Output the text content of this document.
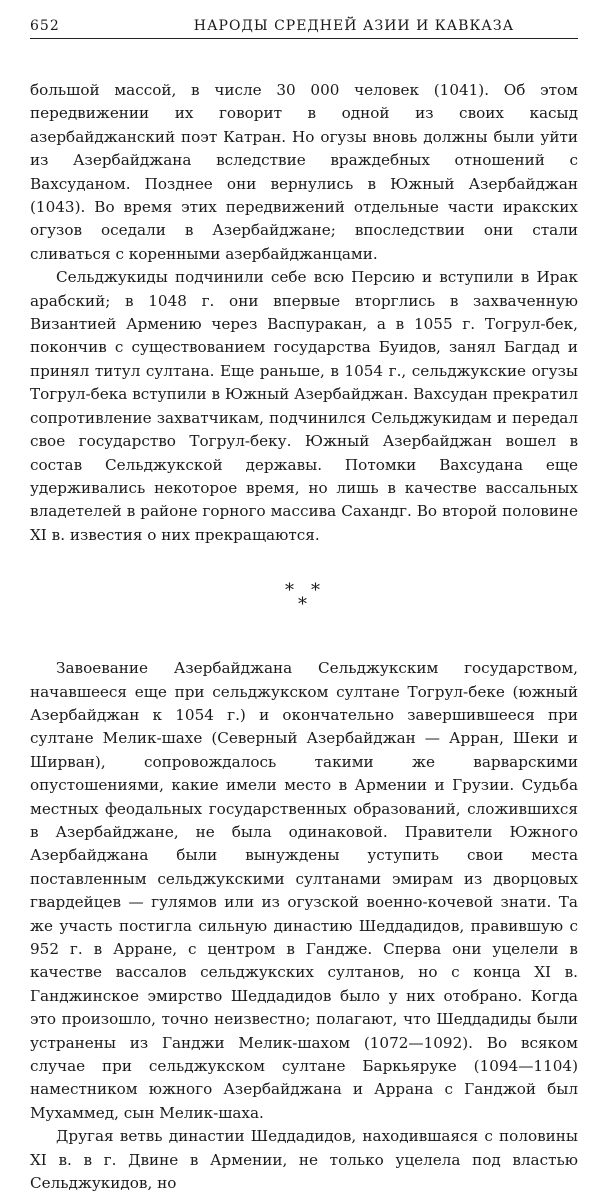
652	НАРОДЫ СРЕДНЕЙ АЗИИ И КАВКАЗА

большой массой, в числе 30 000 человек (1041). Об этом передвижении их говорит в одной из своих касыд азербайджанский поэт Катран. Но огузы вновь должны были уйти из Азербайджана вследствие враждебных отношений с Вахсуданом. Позднее они вернулись в Южный Азербайджан (1043). Во время этих передвижений отдельные части иракских огузов оседали в Азербайджане; впоследствии они стали сливаться с коренными азербайджанцами.

Сельджукиды подчинили себе всю Персию и вступили в Ирак арабский; в 1048 г. они впервые вторглись в захваченную Византией Армению через Васпуракан, а в 1055 г. Тогрул-бек, покончив с существованием государства Буидов, занял Багдад и принял титул султана. Еще раньше, в 1054 г., сельджукские огузы Тогрул-бека вступили в Южный Азербайджан. Вахсудан прекратил сопротивление захватчикам, подчинился Сельджукидам и передал свое государство Тогрул-беку. Южный Азербайджан вошел в состав Сельджукской державы. Потомки Вахсудана еще удерживались некоторое время, но лишь в качестве вассальных владетелей в районе горного массива Сахандг. Во второй половине XI в. известия о них прекращаются.

*
*
*

Завоевание Азербайджана Сельджукским государством, начавшееся еще при сельджукском султане Тогрул-беке (южный Азербайджан к 1054 г.) и окончательно завершившееся при султане Мелик-шахе (Северный Азербайджан — Арран, Шеки и Ширван), сопровождалось такими же варварскими опустошениями, какие имели место в Армении и Грузии. Судьба местных феодальных государственных образований, сложившихся в Азербайджане, не была одинаковой. Правители Южного Азербайджана были вынуждены уступить свои места поставленным сельджукскими султанами эмирам из дворцовых гвардейцев — гулямов или из огузской военно-кочевой знати. Та же участь постигла сильную династию Шеддадидов, правившую с 952 г. в Арране, с центром в Гандже. Сперва они уцелели в качестве вассалов сельджукских султанов, но с конца XI в. Ганджинское эмирство Шеддадидов было у них отобрано. Когда это произошло, точно неизвестно; полагают, что Шеддадиды были устранены из Ганджи Мелик-шахом (1072—1092). Во всяком случае при сельджукском султане Баркьяруке (1094—1104) наместником южного Азербайджана и Аррана с Ганджой был Мухаммед, сын Мелик-шаха.

Другая ветвь династии Шеддадидов, находившаяся с половины XI в. в г. Двине в Армении, не только уцелела под властью Сельджукидов, но
